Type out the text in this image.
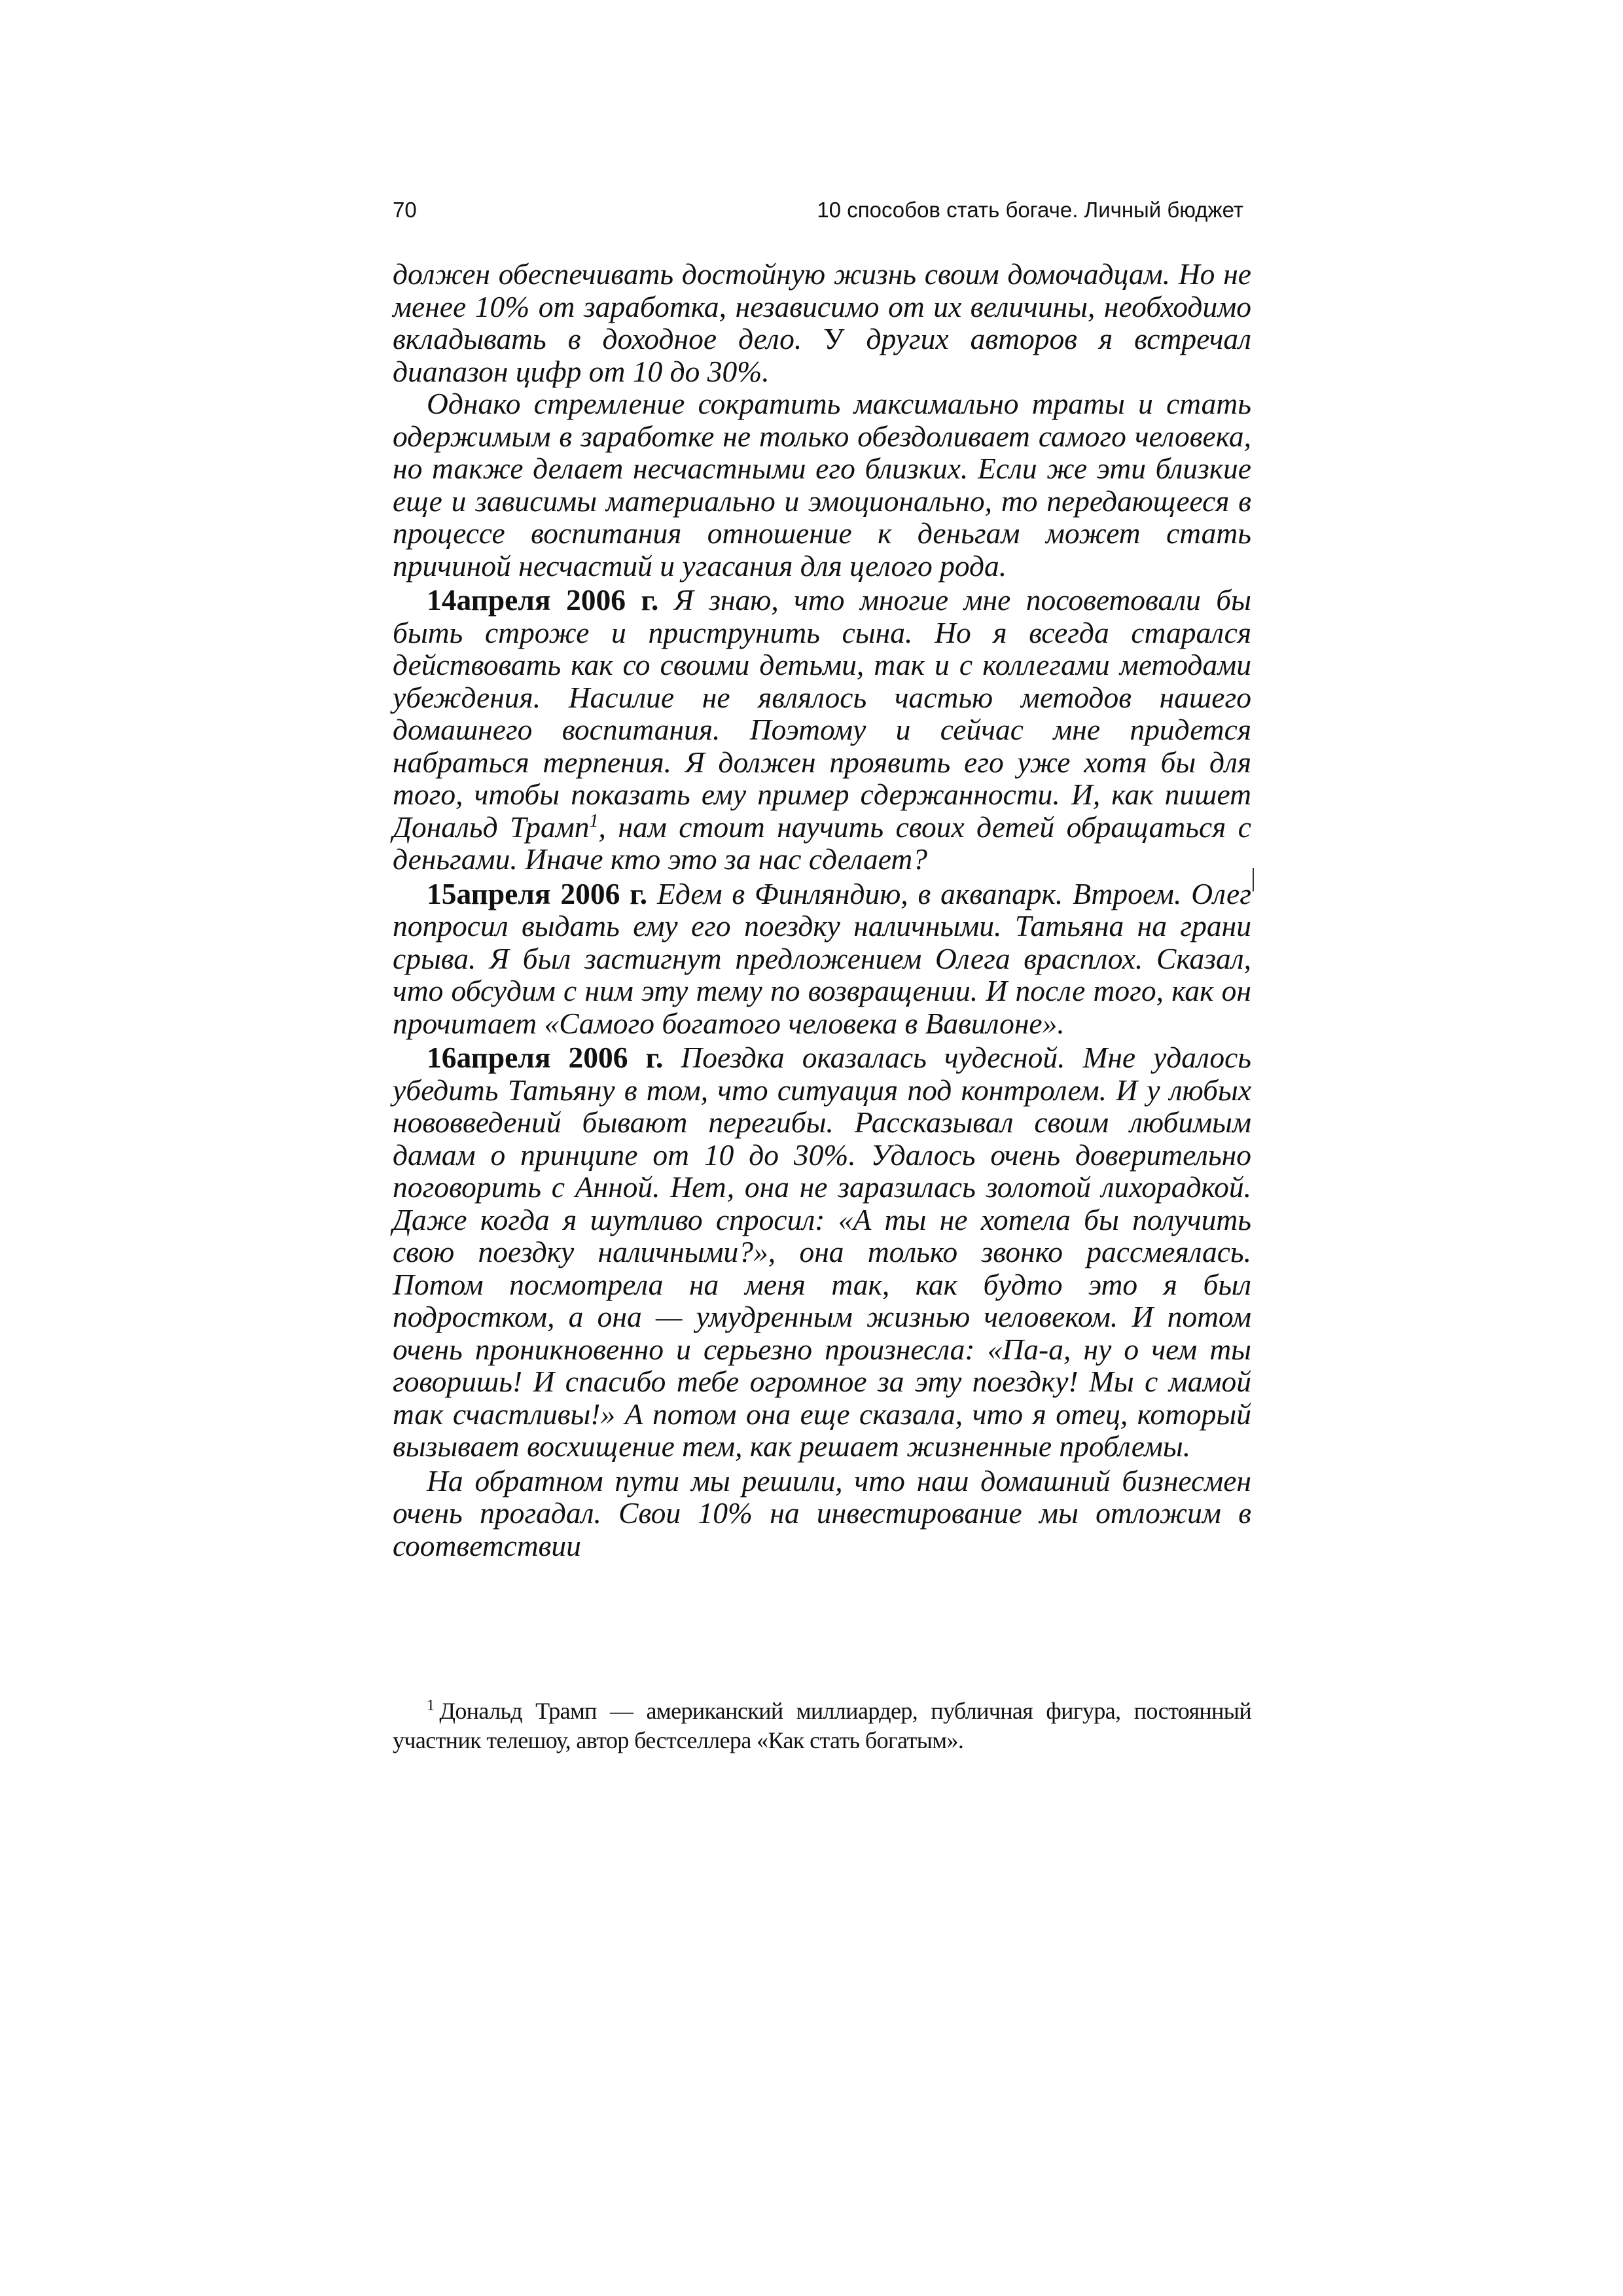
70	10 способов стать богаче. Личный бюджет

должен обеспечивать достойную жизнь своим домочадцам. Но не менее 10% от заработка, независимо от их величины, необходимо вкладывать в доходное дело. У других авторов я встречал диапазон цифр от 10 до 30%.

Однако стремление сократить максимально траты и стать одержимым в заработке не только обездоливает самого человека, но также делает несчастными его близких. Если же эти близкие еще и зависимы материально и эмоционально, то передающееся в процессе воспитания отношение к деньгам может стать причиной несчастий и угасания для целого рода.

14апреля 2006 г. Я знаю, что многие мне посоветовали бы быть строже и приструнить сына. Но я всегда старался действовать как со своими детьми, так и с коллегами методами убеждения. Насилие не являлось частью методов нашего домашнего воспитания. Поэтому и сейчас мне придется набраться терпения. Я должен проявить его уже хотя бы для того, чтобы показать ему пример сдержанности. И, как пишет Дональд Трамп$^1$, нам стоит научить своих детей обращаться с деньгами. Иначе кто это за нас сделает?

15апреля 2006 г. Едем в Финляндию, в аквапарк. Втроем. Олег попросил выдать ему его поездку наличными. Татьяна на грани срыва. Я был застигнут предложением Олега врасплох. Сказал, что обсудим с ним эту тему по возвращении. И после того, как он прочитает «Самого богатого человека в Вавилоне».

16апреля 2006 г. Поездка оказалась чудесной. Мне удалось убедить Татьяну в том, что ситуация под контролем. И у любых нововведений бывают перегибы. Рассказывал своим любимым дамам о принципе от 10 до 30%. Удалось очень доверительно поговорить с Анной. Нет, она не заразилась золотой лихорадкой. Даже когда я шутливо спросил: «А ты не хотела бы получить свою поездку наличными?», она только звонко рассмеялась. Потом посмотрела на меня так, как будто это я был подростком, а она — умудренным жизнью человеком. И потом очень проникновенно и серьезно произнесла: «Па-а, ну о чем ты говоришь! И спасибо тебе огромное за эту поездку! Мы с мамой так счастливы!» А потом она еще сказала, что я отец, который вызывает восхищение тем, как решает жизненные проблемы.

На обратном пути мы решили, что наш домашний бизнесмен очень прогадал. Свои 10% на инвестирование мы отложим в соответствии

$^1$ Дональд Трамп — американский миллиардер, публичная фигура, постоянный участник телешоу, автор бестселлера «Как стать богатым».
